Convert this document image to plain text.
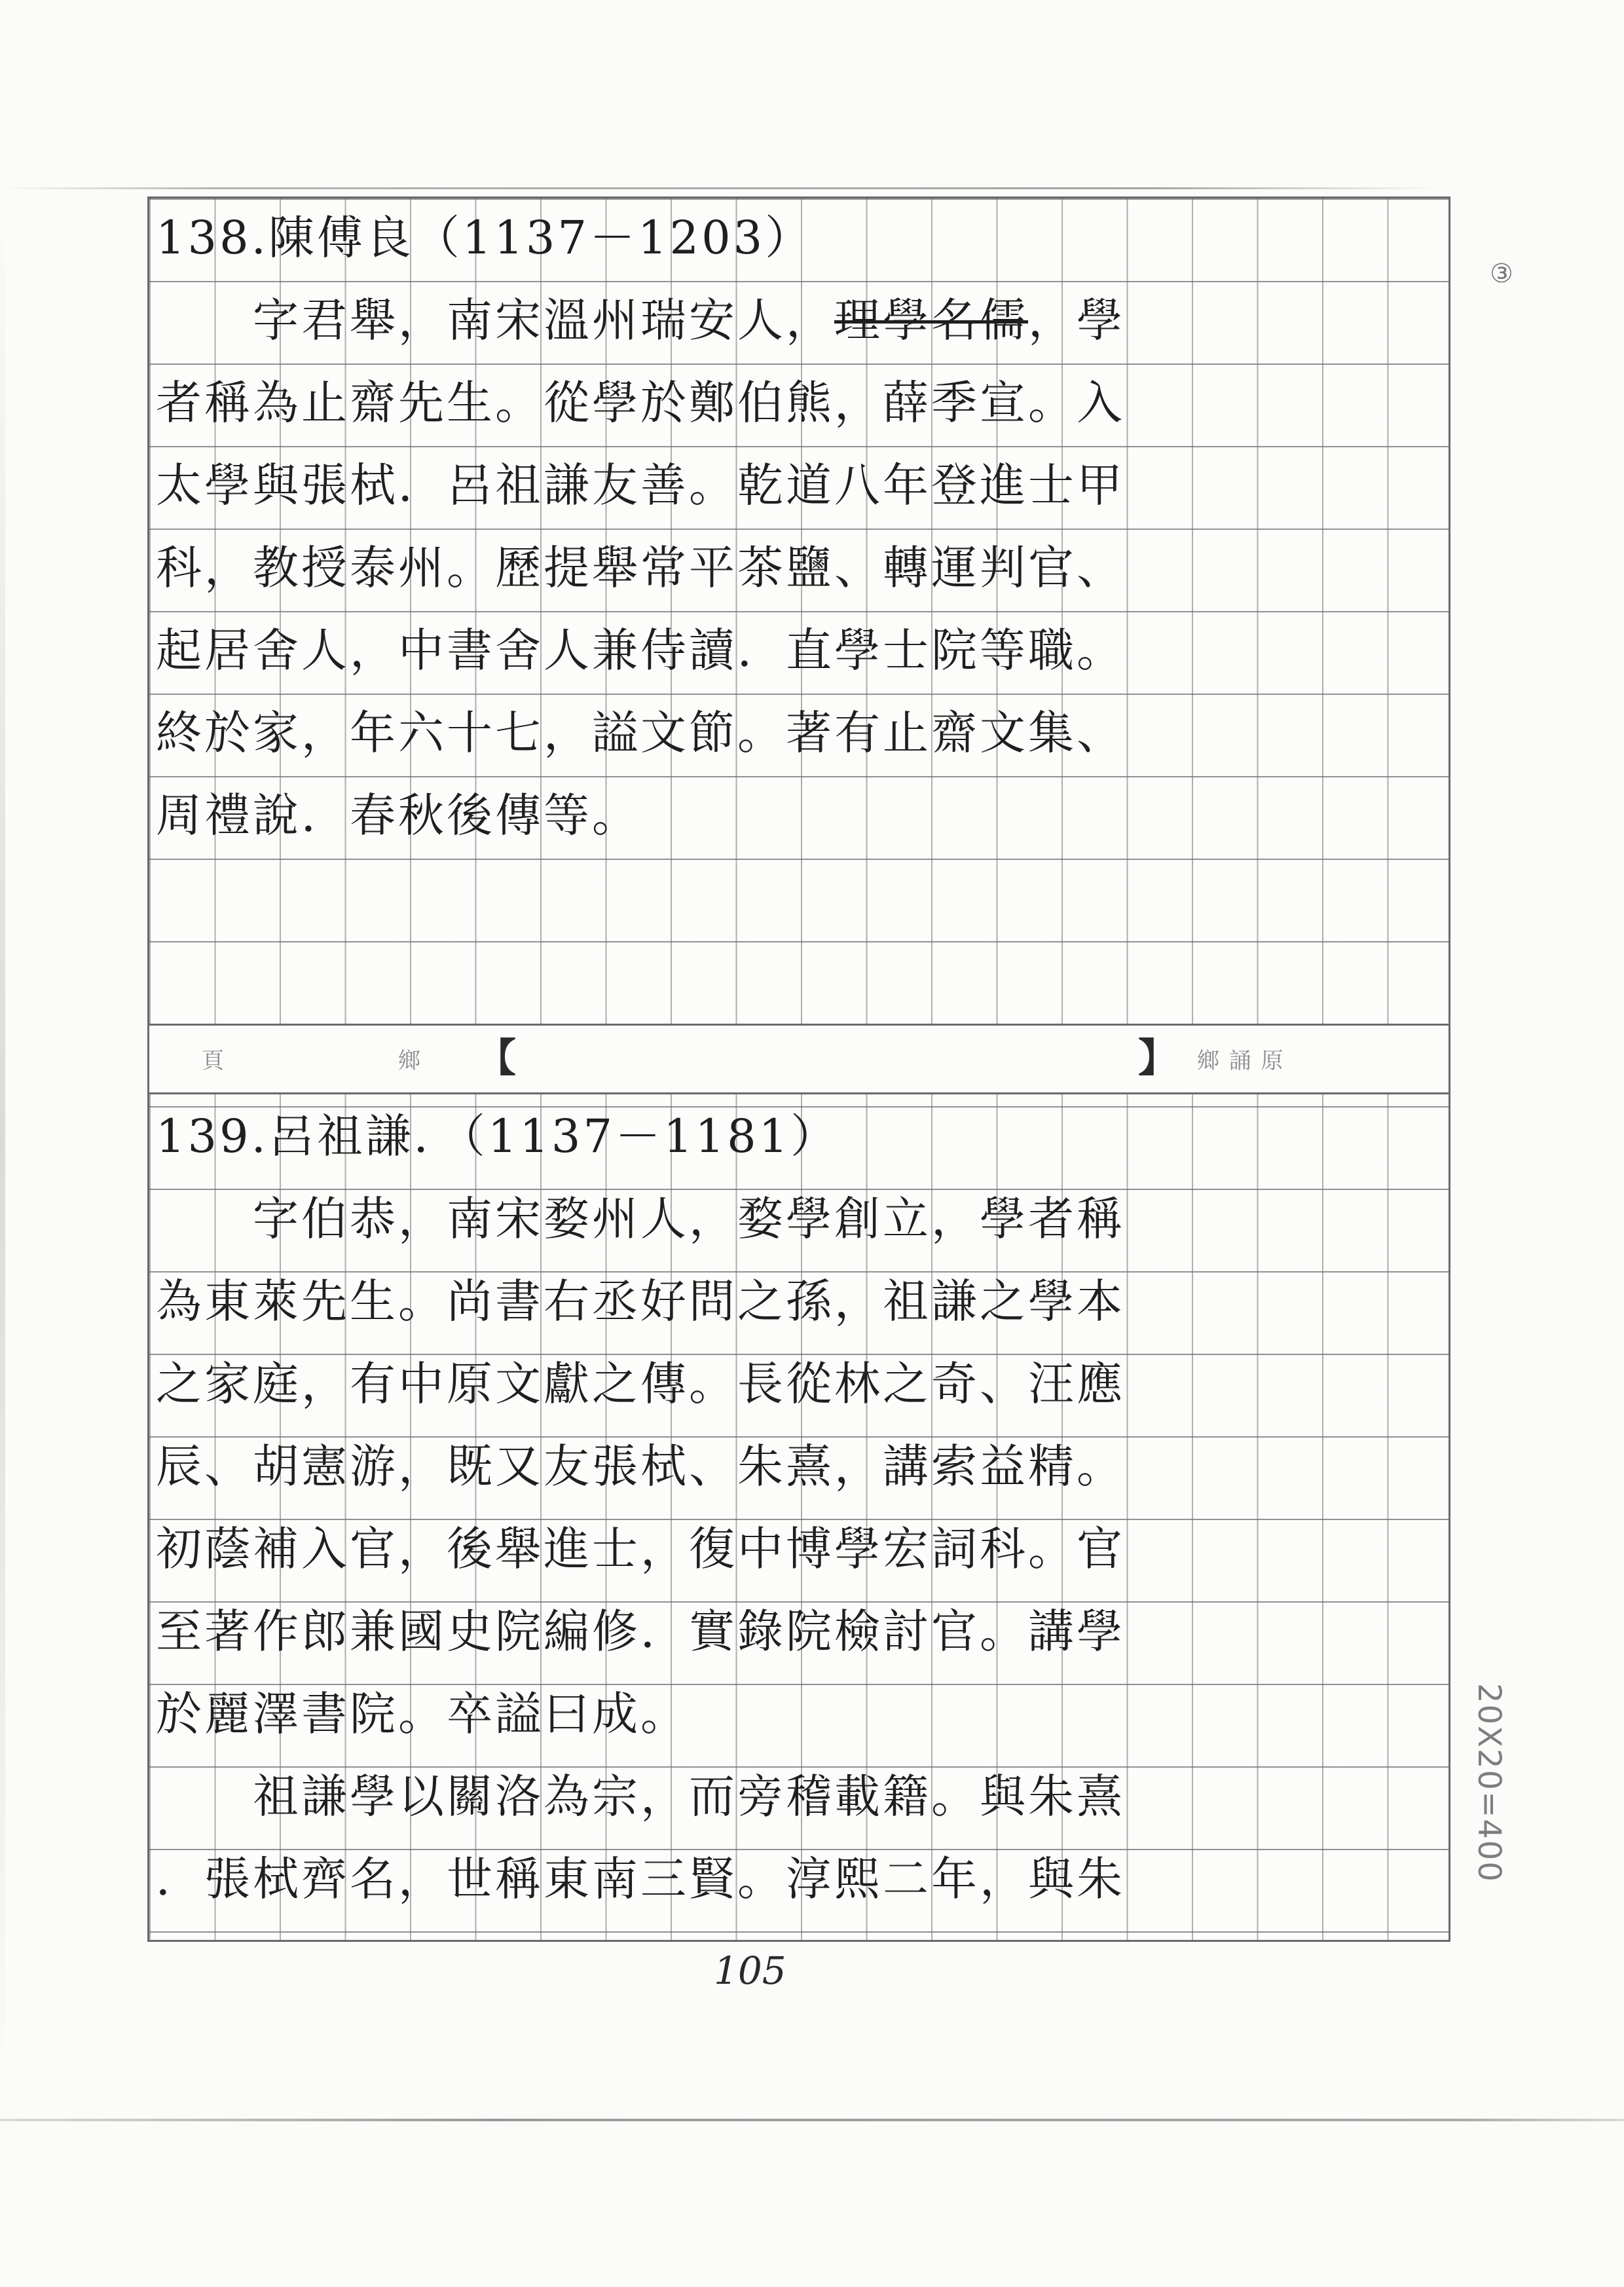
③
138.陳傅良（1137－1203）
　　字君舉，南宋溫州瑞安人，理學名儒，學
者稱為止齋先生。從學於鄭伯熊，薛季宣。入
太學與張栻．呂祖謙友善。乾道八年登進士甲
科，教授泰州。歷提舉常平茶鹽、轉運判官、
起居舍人，中書舍人兼侍讀．直學士院等職。
終於家，年六十七，謚文節。著有止齋文集、
周禮說．春秋後傳等。
頁	鄉 【	】 鄉 誦 原
139.呂祖謙．（1137－1181）
　　字伯恭，南宋婺州人，婺學創立，學者稱
為東萊先生。尚書右丞好問之孫，祖謙之學本
之家庭，有中原文獻之傳。長從林之奇、汪應
辰、胡憲游，既又友張栻、朱熹，講索益精。
初蔭補入官，後舉進士，復中博學宏詞科。官
至著作郎兼國史院編修．實錄院檢討官。講學
於麗澤書院。卒謚曰成。
　　祖謙學以關洛為宗，而旁稽載籍。與朱熹
．張栻齊名，世稱東南三賢。淳熙二年，與朱	20X20=400
105
